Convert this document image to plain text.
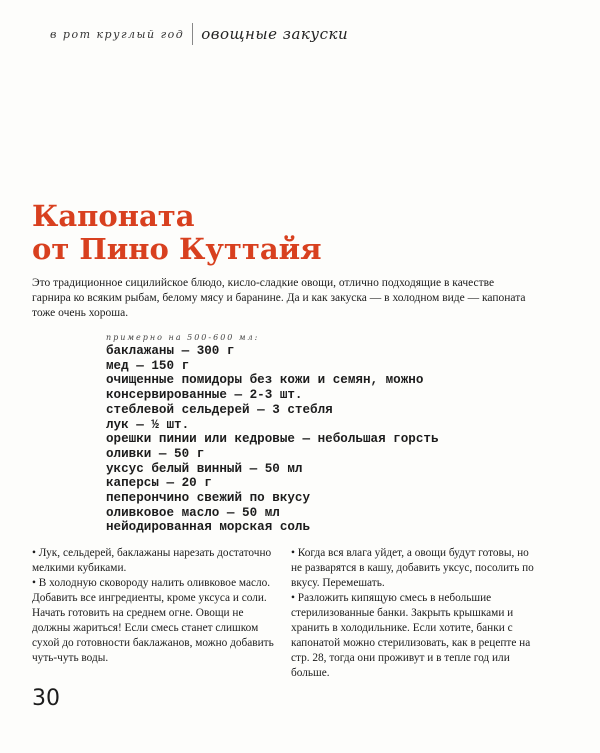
в рот круглый год овощные закуски
Капоната
от Пино Куттайя

Это традиционное сицилийское блюдо, кисло-сладкие овощи, отлично подходящие в качестве гарнира ко всяким рыбам, белому мясу и баранине. Да и как закуска — в холодном виде — капоната тоже очень хороша.

примерно на 500-600 мл:
баклажаны — 300 г
мед — 150 г
очищенные помидоры без кожи и семян, можно
консервированные — 2-3 шт.
стеблевой сельдерей — 3 стебля
лук — ½ шт.
орешки пинии или кедровые — небольшая горсть
оливки — 50 г
уксус белый винный — 50 мл
каперсы — 20 г
пеперончино свежий по вкусу
оливковое масло — 50 мл
нейодированная морская соль
• Лук, сельдерей, баклажаны нарезать достаточно мелкими кубиками.
• В холодную сковороду налить оливковое масло. Добавить все ингредиенты, кроме уксуса и соли. Начать готовить на среднем огне. Овощи не должны жариться! Если смесь станет слишком сухой до готовности баклажанов, можно добавить чуть-чуть воды.
• Когда вся влага уйдет, а овощи будут готовы, но не разварятся в кашу, добавить уксус, посолить по вкусу. Перемешать.
• Разложить кипящую смесь в небольшие стерилизованные банки. Закрыть крышками и хранить в холодильнике. Если хотите, банки с капонатой можно стерилизовать, как в рецепте на стр. 28, тогда они проживут и в тепле год или больше.
30
